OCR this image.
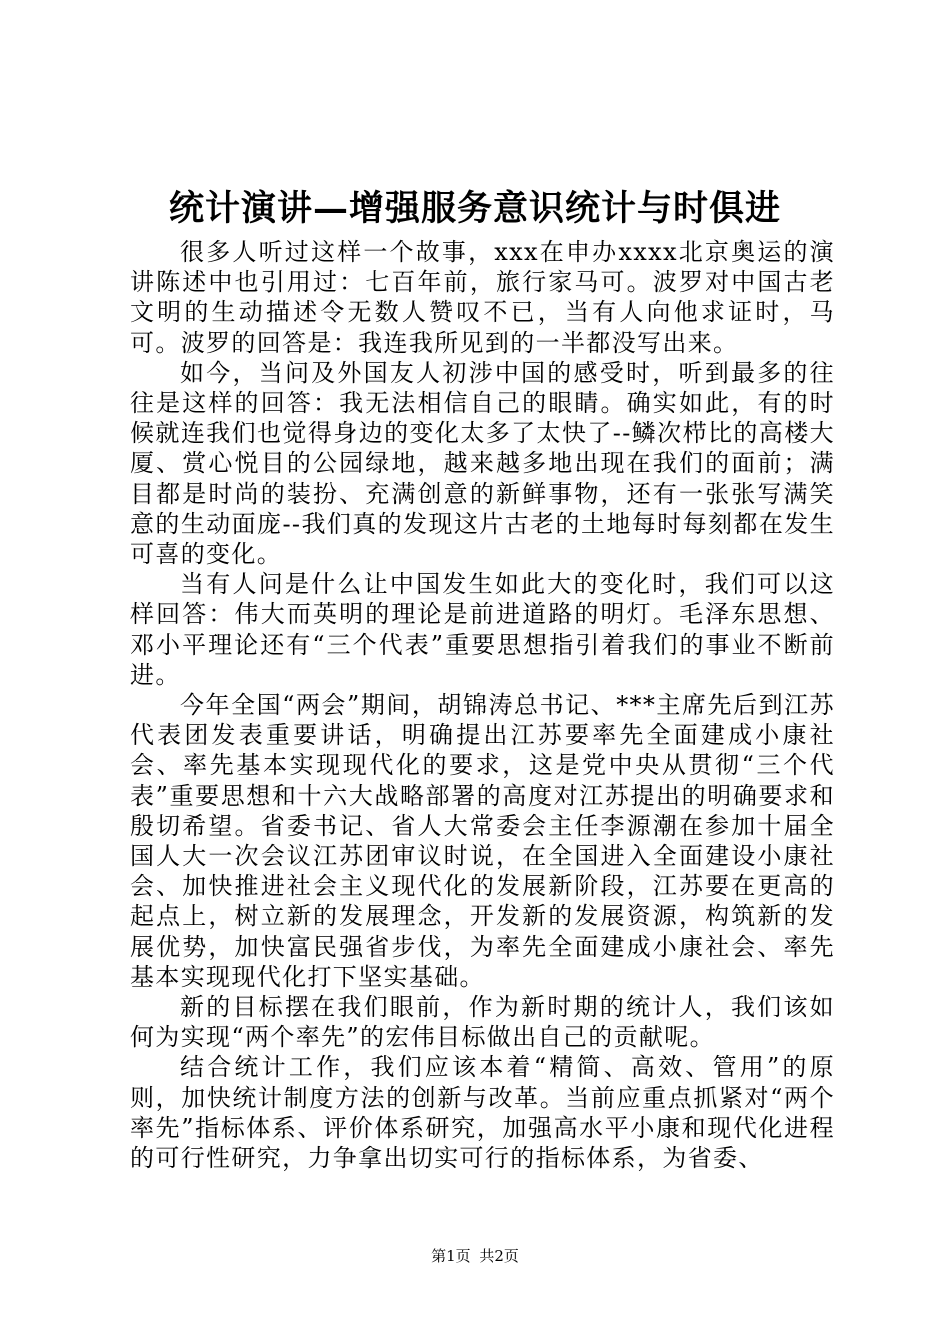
统计演讲—增强服务意识统计与时俱进

很多人听过这样一个故事，xxx在申办xxxx北京奥运的演讲陈述中也引用过：七百年前，旅行家马可。波罗对中国古老文明的生动描述令无数人赞叹不已，当有人向他求证时，马可。波罗的回答是：我连我所见到的一半都没写出来。

如今，当问及外国友人初涉中国的感受时，听到最多的往往是这样的回答：我无法相信自己的眼睛。确实如此，有的时候就连我们也觉得身边的变化太多了太快了--鳞次栉比的高楼大厦、赏心悦目的公园绿地，越来越多地出现在我们的面前；满目都是时尚的装扮、充满创意的新鲜事物，还有一张张写满笑意的生动面庞--我们真的发现这片古老的土地每时每刻都在发生可喜的变化。

当有人问是什么让中国发生如此大的变化时，我们可以这样回答：伟大而英明的理论是前进道路的明灯。毛泽东思想、邓小平理论还有“三个代表”重要思想指引着我们的事业不断前进。

今年全国“两会”期间，胡锦涛总书记、***主席先后到江苏代表团发表重要讲话，明确提出江苏要率先全面建成小康社会、率先基本实现现代化的要求，这是党中央从贯彻“三个代表”重要思想和十六大战略部署的高度对江苏提出的明确要求和殷切希望。省委书记、省人大常委会主任李源潮在参加十届全国人大一次会议江苏团审议时说，在全国进入全面建设小康社会、加快推进社会主义现代化的发展新阶段，江苏要在更高的起点上，树立新的发展理念，开发新的发展资源，构筑新的发展优势，加快富民强省步伐，为率先全面建成小康社会、率先基本实现现代化打下坚实基础。

新的目标摆在我们眼前，作为新时期的统计人，我们该如何为实现“两个率先”的宏伟目标做出自己的贡献呢。

结合统计工作，我们应该本着“精简、高效、管用”的原则，加快统计制度方法的创新与改革。当前应重点抓紧对“两个率先”指标体系、评价体系研究，加强高水平小康和现代化进程的可行性研究，力争拿出切实可行的指标体系，为省委、

第1页 共2页
